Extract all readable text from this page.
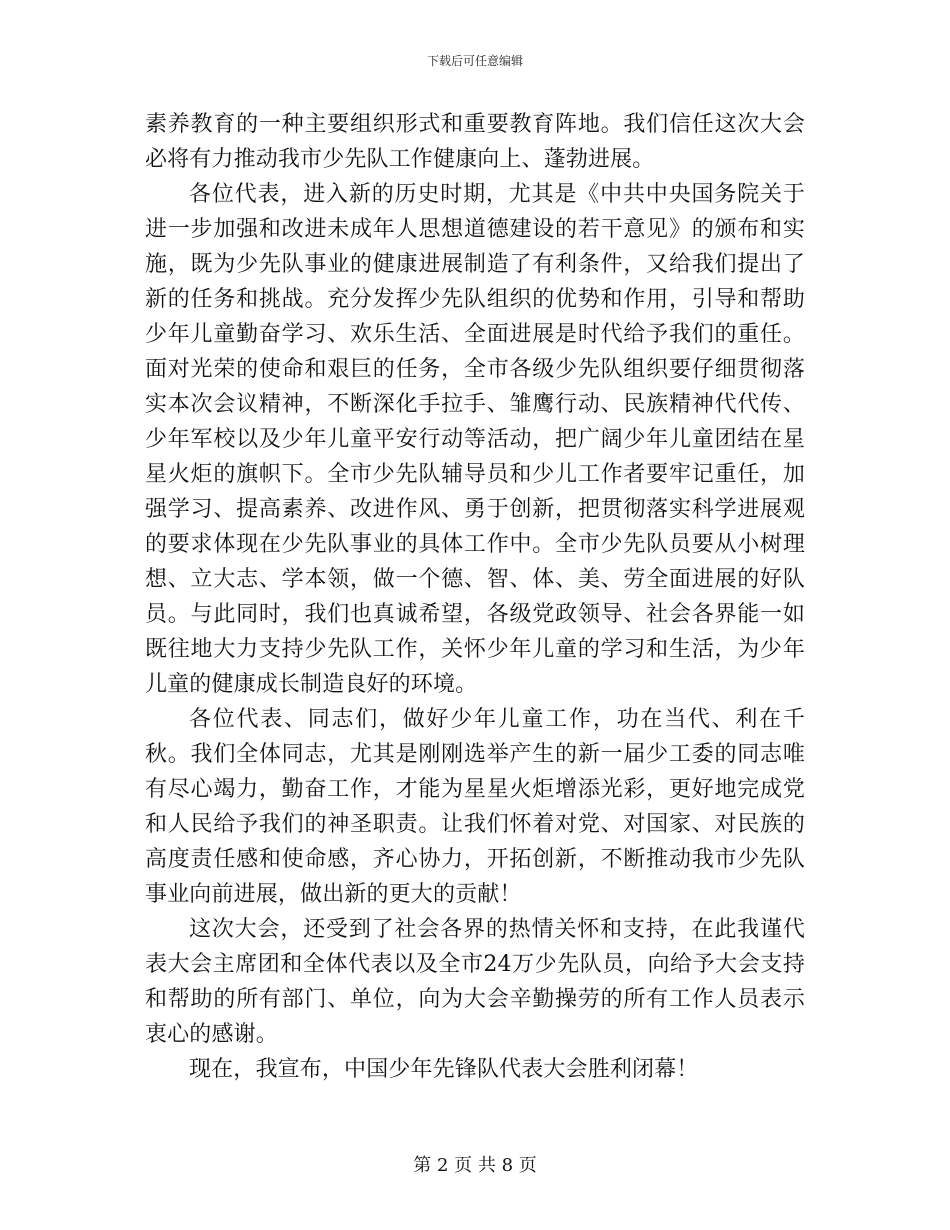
下载后可任意编辑

素养教育的一种主要组织形式和重要教育阵地。我们信任这次大会必将有力推动我市少先队工作健康向上、蓬勃进展。

各位代表，进入新的历史时期，尤其是《中共中央国务院关于进一步加强和改进未成年人思想道德建设的若干意见》的颁布和实施，既为少先队事业的健康进展制造了有利条件，又给我们提出了新的任务和挑战。充分发挥少先队组织的优势和作用，引导和帮助少年儿童勤奋学习、欢乐生活、全面进展是时代给予我们的重任。面对光荣的使命和艰巨的任务，全市各级少先队组织要仔细贯彻落实本次会议精神，不断深化手拉手、雏鹰行动、民族精神代代传、少年军校以及少年儿童平安行动等活动，把广阔少年儿童团结在星星火炬的旗帜下。全市少先队辅导员和少儿工作者要牢记重任，加强学习、提高素养、改进作风、勇于创新，把贯彻落实科学进展观的要求体现在少先队事业的具体工作中。全市少先队员要从小树理想、立大志、学本领，做一个德、智、体、美、劳全面进展的好队员。与此同时，我们也真诚希望，各级党政领导、社会各界能一如既往地大力支持少先队工作，关怀少年儿童的学习和生活，为少年儿童的健康成长制造良好的环境。

各位代表、同志们，做好少年儿童工作，功在当代、利在千秋。我们全体同志，尤其是刚刚选举产生的新一届少工委的同志唯有尽心竭力，勤奋工作，才能为星星火炬增添光彩，更好地完成党和人民给予我们的神圣职责。让我们怀着对党、对国家、对民族的高度责任感和使命感，齐心协力，开拓创新，不断推动我市少先队事业向前进展，做出新的更大的贡献！

这次大会，还受到了社会各界的热情关怀和支持，在此我谨代表大会主席团和全体代表以及全市24万少先队员，向给予大会支持和帮助的所有部门、单位，向为大会辛勤操劳的所有工作人员表示衷心的感谢。

现在，我宣布，中国少年先锋队代表大会胜利闭幕！

第 2 页 共 8 页
